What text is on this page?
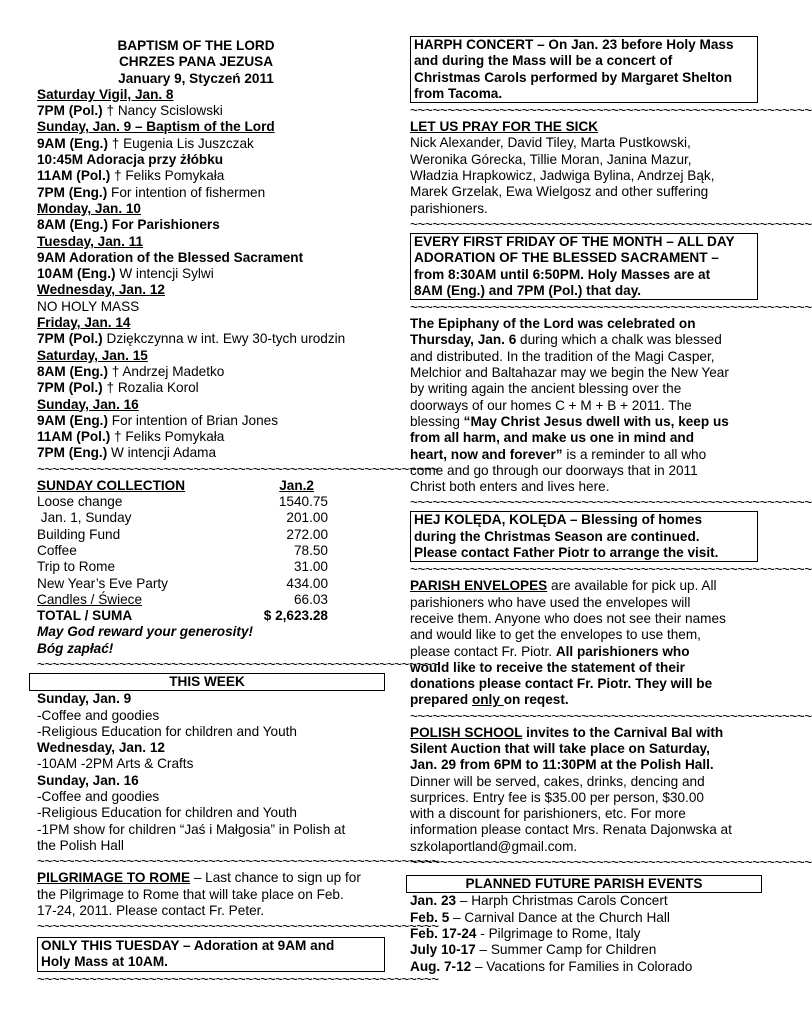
BAPTISM OF THE LORD
CHRZES PANA JEZUSA
January 9, Styczeń 2011
Saturday Vigil, Jan. 8
7PM (Pol.) † Nancy Scislowski
Sunday, Jan. 9 – Baptism of the Lord
9AM (Eng.) † Eugenia Lis Juszczak
10:45M Adoracja przy żłóbku
11AM (Pol.) † Feliks Pomykała
7PM (Eng.) For intention of fishermen
Monday, Jan. 10
8AM (Eng.) For Parishioners
Tuesday, Jan. 11
9AM Adoration of the Blessed Sacrament
10AM (Eng.) W intencji Sylwi
Wednesday, Jan. 12
NO HOLY MASS
Friday, Jan. 14
7PM (Pol.) Dziękczynna w int. Ewy 30-tych urodzin
Saturday, Jan. 15
8AM (Eng.) † Andrzej Madetko
7PM (Pol.) † Rozalia Korol
Sunday, Jan. 16
9AM (Eng.) For intention of Brian Jones
11AM (Pol.) † Feliks Pomykała
7PM (Eng.) W intencji Adama
~~~~~~~~~~~~~~~~~~~~~~~~~~~~~~~~~~~~~~~~~~~~~~~~~~~~~~
SUNDAY COLLECTION	Jan.2
Loose change	1540.75
Jan. 1, Sunday	201.00
Building Fund	272.00
Coffee	78.50
Trip to Rome	31.00
New Year’s Eve Party	434.00
Candles / Świece	66.03
TOTAL / SUMA	$ 2,623.28
May God reward your generosity!
Bóg zapłać!
~~~~~~~~~~~~~~~~~~~~~~~~~~~~~~~~~~~~~~~~~~~~~~~~~~~~~~
THIS WEEK
Sunday, Jan. 9
-Coffee and goodies
-Religious Education for children and Youth
Wednesday, Jan. 12
-10AM -2PM Arts & Crafts
Sunday, Jan. 16
-Coffee and goodies
-Religious Education for children and Youth
-1PM show for children “Jaś i Małgosia” in Polish at
the Polish Hall
~~~~~~~~~~~~~~~~~~~~~~~~~~~~~~~~~~~~~~~~~~~~~~~~~~~~~~
PILGRIMAGE TO ROME – Last chance to sign up for
the Pilgrimage to Rome that will take place on Feb.
17-24, 2011. Please contact Fr. Peter.
~~~~~~~~~~~~~~~~~~~~~~~~~~~~~~~~~~~~~~~~~~~~~~~~~~~~~~
ONLY THIS TUESDAY – Adoration at 9AM and
Holy Mass at 10AM.
~~~~~~~~~~~~~~~~~~~~~~~~~~~~~~~~~~~~~~~~~~~~~~~~~~~~~~
HARPH CONCERT – On Jan. 23 before Holy Mass
and during the Mass will be a concert of
Christmas Carols performed by Margaret Shelton
from Tacoma.
~~~~~~~~~~~~~~~~~~~~~~~~~~~~~~~~~~~~~~~~~~~~~~~~~~~~~~
LET US PRAY FOR THE SICK
Nick Alexander, David Tiley, Marta Pustkowski,
Weronika Górecka, Tillie Moran, Janina Mazur,
Władzia Hrapkowicz, Jadwiga Bylina, Andrzej Bąk,
Marek Grzelak, Ewa Wielgosz and other suffering
parishioners.
~~~~~~~~~~~~~~~~~~~~~~~~~~~~~~~~~~~~~~~~~~~~~~~~~~~~~~
EVERY FIRST FRIDAY OF THE MONTH – ALL DAY
ADORATION OF THE BLESSED SACRAMENT –
from 8:30AM until 6:50PM. Holy Masses are at
8AM (Eng.) and 7PM (Pol.) that day.
~~~~~~~~~~~~~~~~~~~~~~~~~~~~~~~~~~~~~~~~~~~~~~~~~~~~~~
The Epiphany of the Lord was celebrated on
Thursday, Jan. 6 during which a chalk was blessed
and distributed. In the tradition of the Magi Casper,
Melchior and Baltahazar may we begin the New Year
by writing again the ancient blessing over the
doorways of our homes C + M + B + 2011. The
blessing “May Christ Jesus dwell with us, keep us
from all harm, and make us one in mind and
heart, now and forever” is a reminder to all who
come and go through our doorways that in 2011
Christ both enters and lives here.
~~~~~~~~~~~~~~~~~~~~~~~~~~~~~~~~~~~~~~~~~~~~~~~~~~~~~~
HEJ KOLĘDA, KOLĘDA – Blessing of homes
during the Christmas Season are continued.
Please contact Father Piotr to arrange the visit.
~~~~~~~~~~~~~~~~~~~~~~~~~~~~~~~~~~~~~~~~~~~~~~~~~~~~~~
PARISH ENVELOPES are available for pick up. All
parishioners who have used the envelopes will
receive them. Anyone who does not see their names
and would like to get the envelopes to use them,
please contact Fr. Piotr. All parishioners who
would like to receive the statement of their
donations please contact Fr. Piotr. They will be
prepared only on reqest.
~~~~~~~~~~~~~~~~~~~~~~~~~~~~~~~~~~~~~~~~~~~~~~~~~~~~~~
POLISH SCHOOL invites to the Carnival Bal with
Silent Auction that will take place on Saturday,
Jan. 29 from 6PM to 11:30PM at the Polish Hall.
Dinner will be served, cakes, drinks, dencing and
surprices. Entry fee is $35.00 per person, $30.00
with a discount for parishioners, etc. For more
information please contact Mrs. Renata Dajonwska at
szkolaportland@gmail.com.
~~~~~~~~~~~~~~~~~~~~~~~~~~~~~~~~~~~~~~~~~~~~~~~~~~~~~~
PLANNED FUTURE PARISH EVENTS
Jan. 23 – Harph Christmas Carols Concert
Feb. 5 – Carnival Dance at the Church Hall
Feb. 17-24 - Pilgrimage to Rome, Italy
July 10-17 – Summer Camp for Children
Aug. 7-12 – Vacations for Families in Colorado
